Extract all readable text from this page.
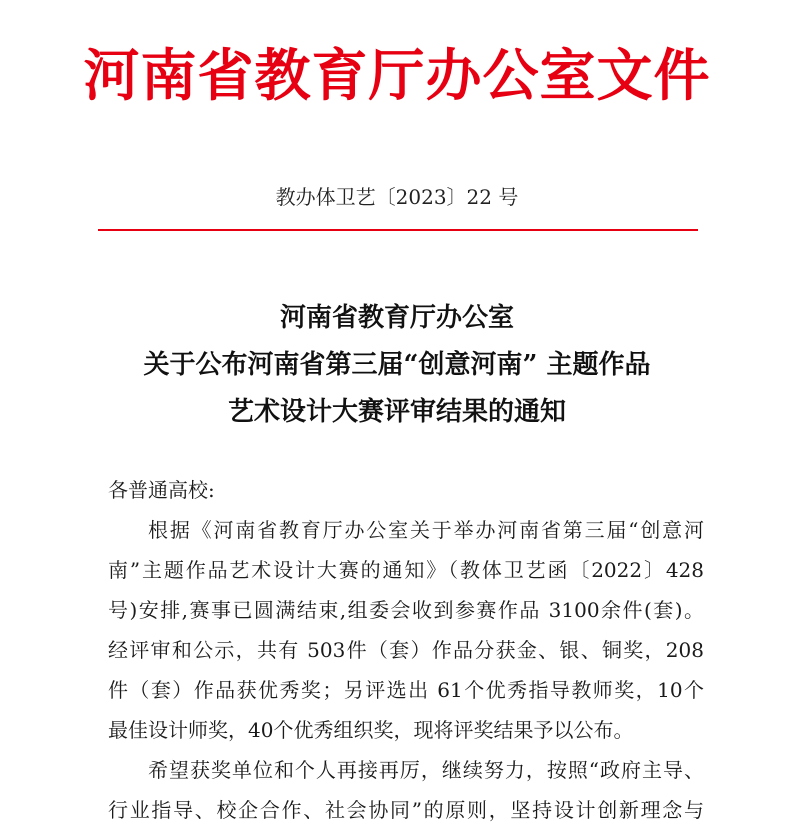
河南省教育厅办公室文件
教办体卫艺〔2023〕22 号
河南省教育厅办公室
关于公布河南省第三届“创意河南” 主题作品
艺术设计大赛评审结果的通知
各普通高校:
根据《河南省教育厅办公室关于举办河南省第三届“创意河
南”主题作品艺术设计大赛的通知》（教体卫艺函〔2022〕428
号)安排,赛事已圆满结束,组委会收到参赛作品 3100余件(套)。
经评审和公示，共有 503件（套）作品分获金、银、铜奖，208
件（套）作品获优秀奖；另评选出 61个优秀指导教师奖，10个
最佳设计师奖，40个优秀组织奖，现将评奖结果予以公布。
希望获奖单位和个人再接再厉，继续努力，按照“政府主导、
行业指导、校企合作、社会协同”的原则，坚持设计创新理念与
